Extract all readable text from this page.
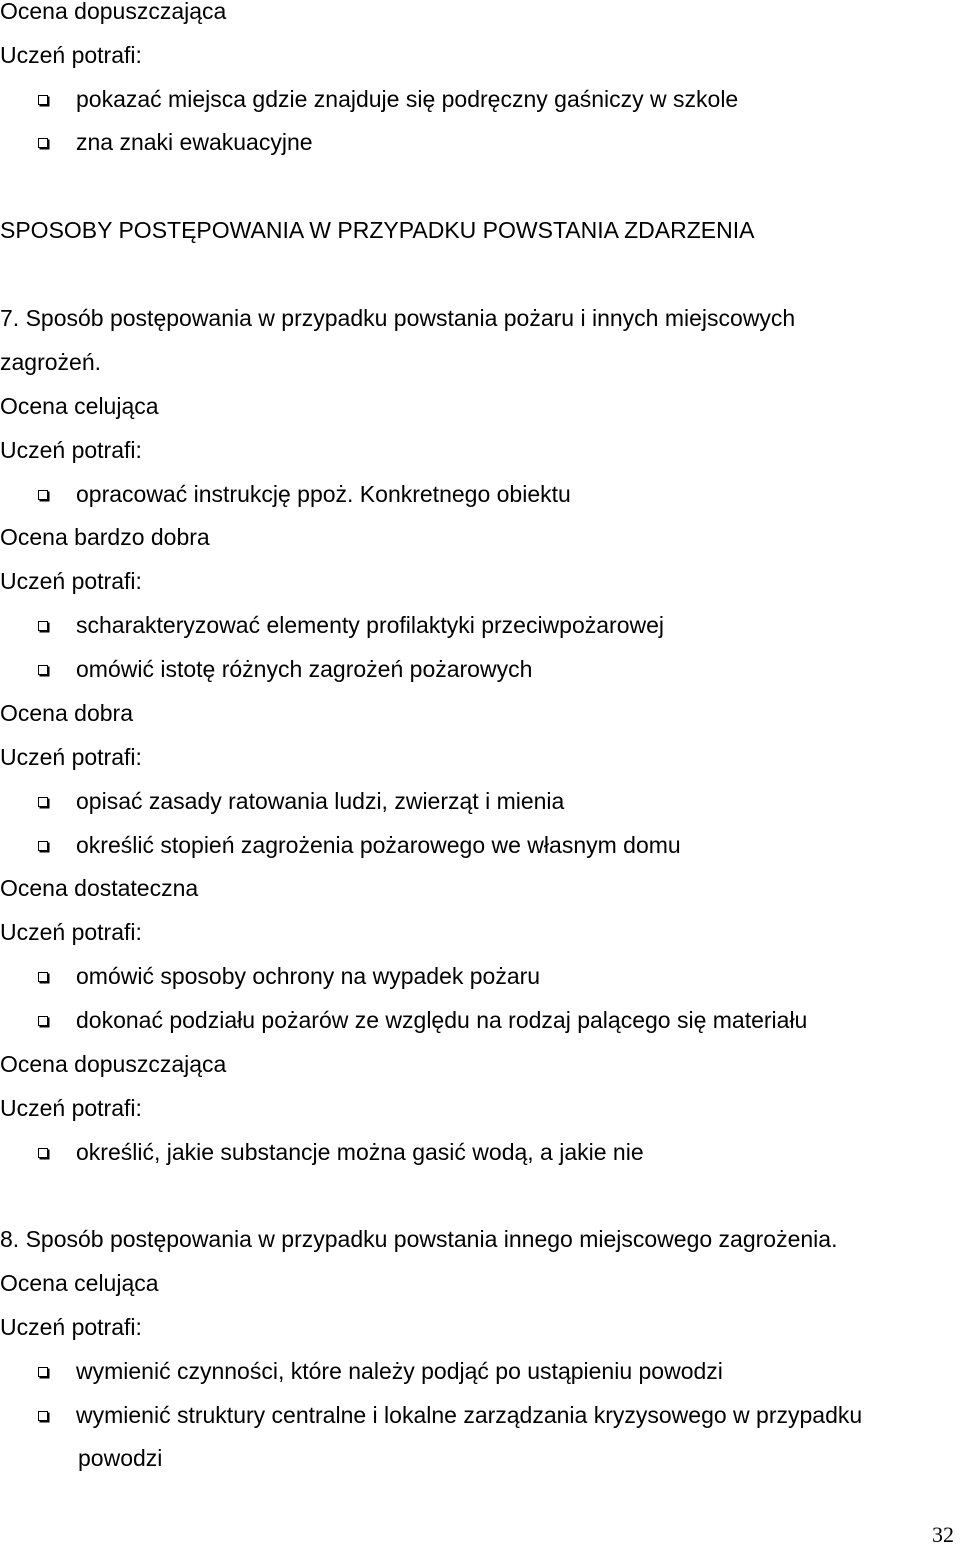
Ocena dopuszczająca
Uczeń potrafi:
pokazać miejsca gdzie znajduje się podręczny gaśniczy w szkole
zna znaki ewakuacyjne
SPOSOBY POSTĘPOWANIA W PRZYPADKU POWSTANIA ZDARZENIA
7. Sposób postępowania w przypadku powstania pożaru i innych miejscowych
zagrożeń.
Ocena celująca
Uczeń potrafi:
opracować instrukcję ppoż. Konkretnego obiektu
Ocena bardzo dobra
Uczeń potrafi:
scharakteryzować elementy profilaktyki przeciwpożarowej
omówić istotę różnych zagrożeń pożarowych
Ocena dobra
Uczeń potrafi:
opisać zasady ratowania ludzi, zwierząt i mienia
określić stopień zagrożenia pożarowego we własnym domu
Ocena dostateczna
Uczeń potrafi:
omówić sposoby ochrony na wypadek pożaru
dokonać podziału pożarów ze względu na rodzaj palącego się materiału
Ocena dopuszczająca
Uczeń potrafi:
określić, jakie substancje można gasić wodą, a jakie nie
8. Sposób postępowania w przypadku powstania innego miejscowego zagrożenia.
Ocena celująca
Uczeń potrafi:
wymienić czynności, które należy podjąć po ustąpieniu powodzi
wymienić struktury centralne i lokalne zarządzania kryzysowego w przypadku
powodzi
32
